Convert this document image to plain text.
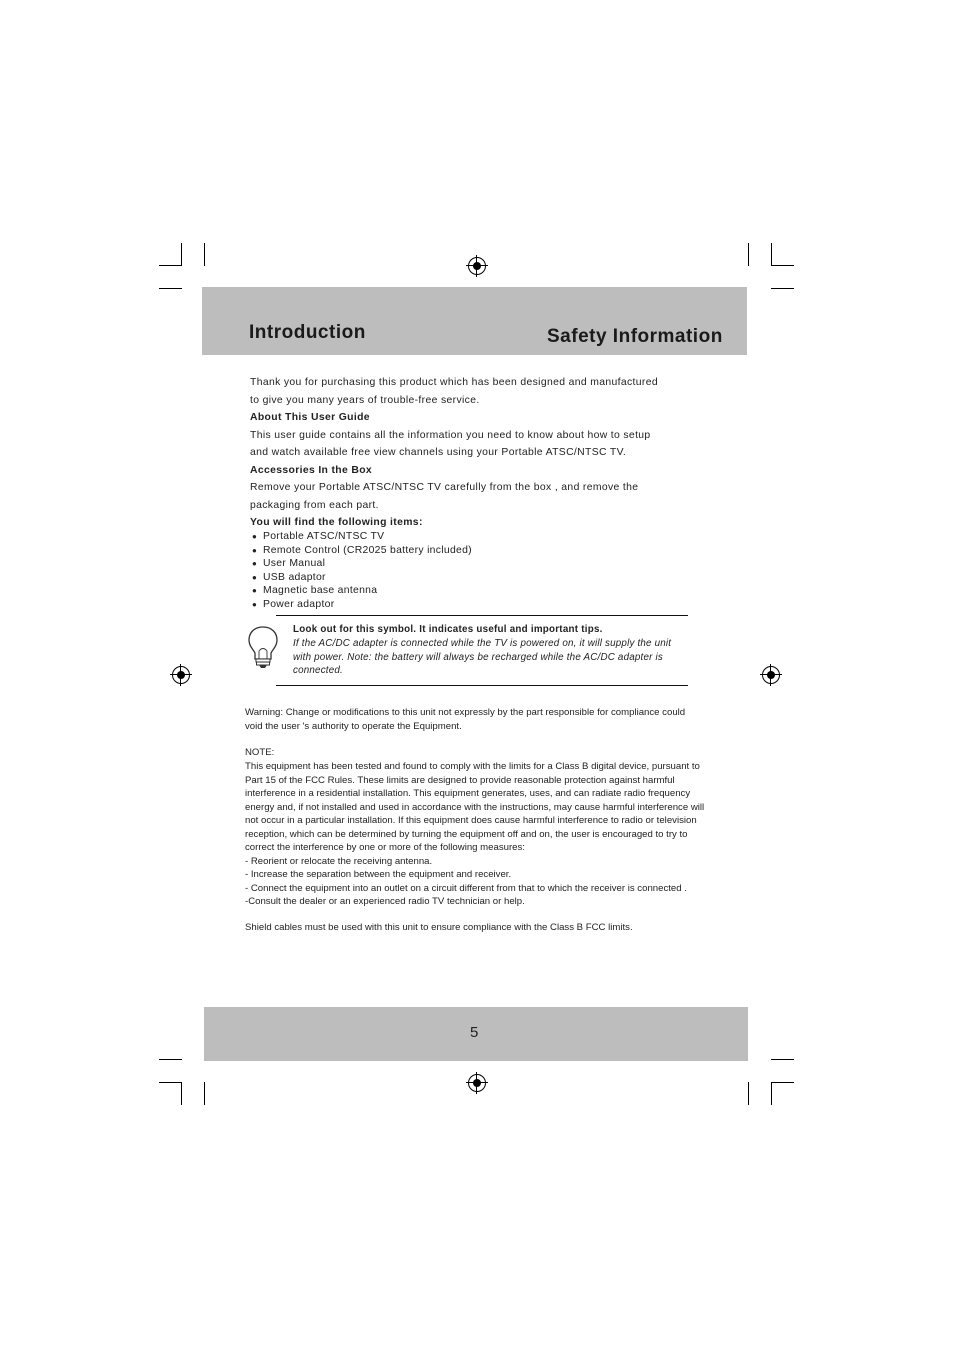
Introduction	Safety Information
Thank you for purchasing this product which has been designed and manufactured
to give you many years of trouble-free service.
About This User Guide
This user guide contains all the information you need to know about how to setup
and watch available free view channels using your Portable ATSC/NTSC TV.
Accessories In the Box
Remove your Portable ATSC/NTSC TV carefully from the box , and remove the
packaging from each part.
You will find the following items:
● Portable ATSC/NTSC TV
● Remote Control (CR2025 battery included)
● User Manual
● USB adaptor
● Magnetic base antenna
● Power adaptor
Look out for this symbol. It indicates useful and important tips.
If the AC/DC adapter is connected while the TV is powered on, it will supply the unit
with power. Note: the battery will always be recharged while the AC/DC adapter is
connected.
Warning: Change or modifications to this unit not expressly by the part responsible for compliance could
void the user 's authority to operate the Equipment.
NOTE:
This equipment has been tested and found to comply with the limits for a Class B digital device, pursuant to
Part 15 of the FCC Rules. These limits are designed to provide reasonable protection against harmful
interference in a residential installation. This equipment generates, uses, and can radiate radio frequency
energy and, if not installed and used in accordance with the instructions, may cause harmful interference will
not occur in a particular installation. If this equipment does cause harmful interference to radio or television
reception, which can be determined by turning the equipment off and on, the user is encouraged to try to
correct the interference by one or more of the following measures:
- Reorient or relocate the receiving antenna.
- Increase the separation between the equipment and receiver.
- Connect the equipment into an outlet on a circuit different from that to which the receiver is connected .
-Consult the dealer or an experienced radio TV technician or help.
Shield cables must be used with this unit to ensure compliance with the Class B FCC limits.
5
